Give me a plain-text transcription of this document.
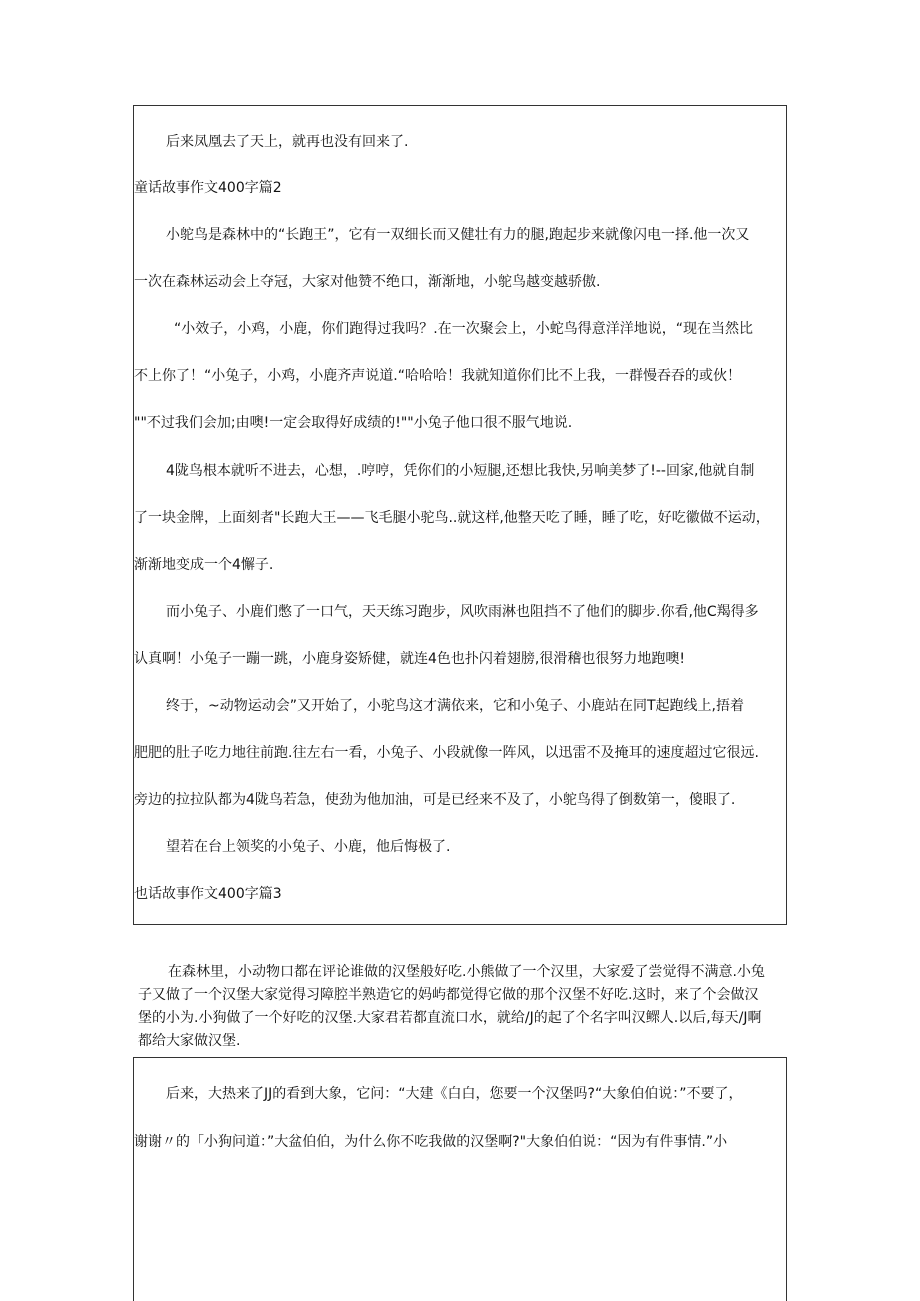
后来凤凰去了天上，就再也没有回来了.
童话故事作文400字篇2
小鸵鸟是森林中的“长跑王”，它有一双细长而又健壮有力的腿,跑起步来就像闪电一择.他一次又
一次在森林运动会上夺冠，大家对他赞不绝口，渐渐地，小鸵鸟越变越骄傲.
“小效子，小鸡，小鹿，你们跑得过我吗？.在一次聚会上，小蛇鸟得意洋洋地说，“现在当然比
不上你了！“小兔子，小鸡，小鹿齐声说道.“哈哈哈！我就知道你们比不上我，一群慢吞吞的或伙！
""不过我们会加;由噢!一定会取得好成绩的!""小兔子他口很不服气地说.
4陇鸟根本就听不进去，心想，.哼哼，凭你们的小短腿,还想比我快,另响美梦了!--回家,他就自制
了一块金牌，上面刻者"长跑大王——飞毛腿小驼鸟..就这样,他整天吃了睡，睡了吃，好吃徽做不运动，
渐渐地变成一个4懈子.
而小兔子、小鹿们憋了一口气，天天练习跑步，风吹雨淋也阻挡不了他们的脚步.你看,他C羯得多
认真啊！小兔子一蹦一跳，小鹿身姿矫健，就连4色也扑闪着翅膀,很滑稽也很努力地跑噢!
终于，~动物运动会”又开始了，小驼鸟这才满依来，它和小兔子、小鹿站在同T起跑线上,捂着
肥肥的肚子吃力地往前跑.往左右一看，小兔子、小段就像一阵风，以迅雷不及掩耳的速度超过它很远.
旁边的拉拉队都为4陇鸟若急，使劲为他加油，可是已经来不及了，小鸵鸟得了倒数第一，傻眼了.
望若在台上领奖的小兔子、小鹿，他后悔极了.
也话故事作文400字篇3
在森林里，小动物口都在评论谁做的汉堡般好吃.小熊做了一个汉里，大家爱了尝觉得不满意.小兔
子又做了一个汉堡大家觉得习障腔半熟造它的妈屿都觉得它做的那个汉堡不好吃.这时，来了个会做汉
堡的小为.小狗做了一个好吃的汉堡.大家君若都直流口水，就给/J的起了个名字叫汉鳏人.以后,每天/J啊
都给大家做汉堡.
后来，大热来了JJ的看到大象，它问：“大建《白白，您要一个汉堡吗?“大象伯伯说：”不要了，
谢谢〃的「小狗问道：”大盆伯伯，为什么你不吃我做的汉堡啊?"大象伯伯说：“因为有件事情.”小
